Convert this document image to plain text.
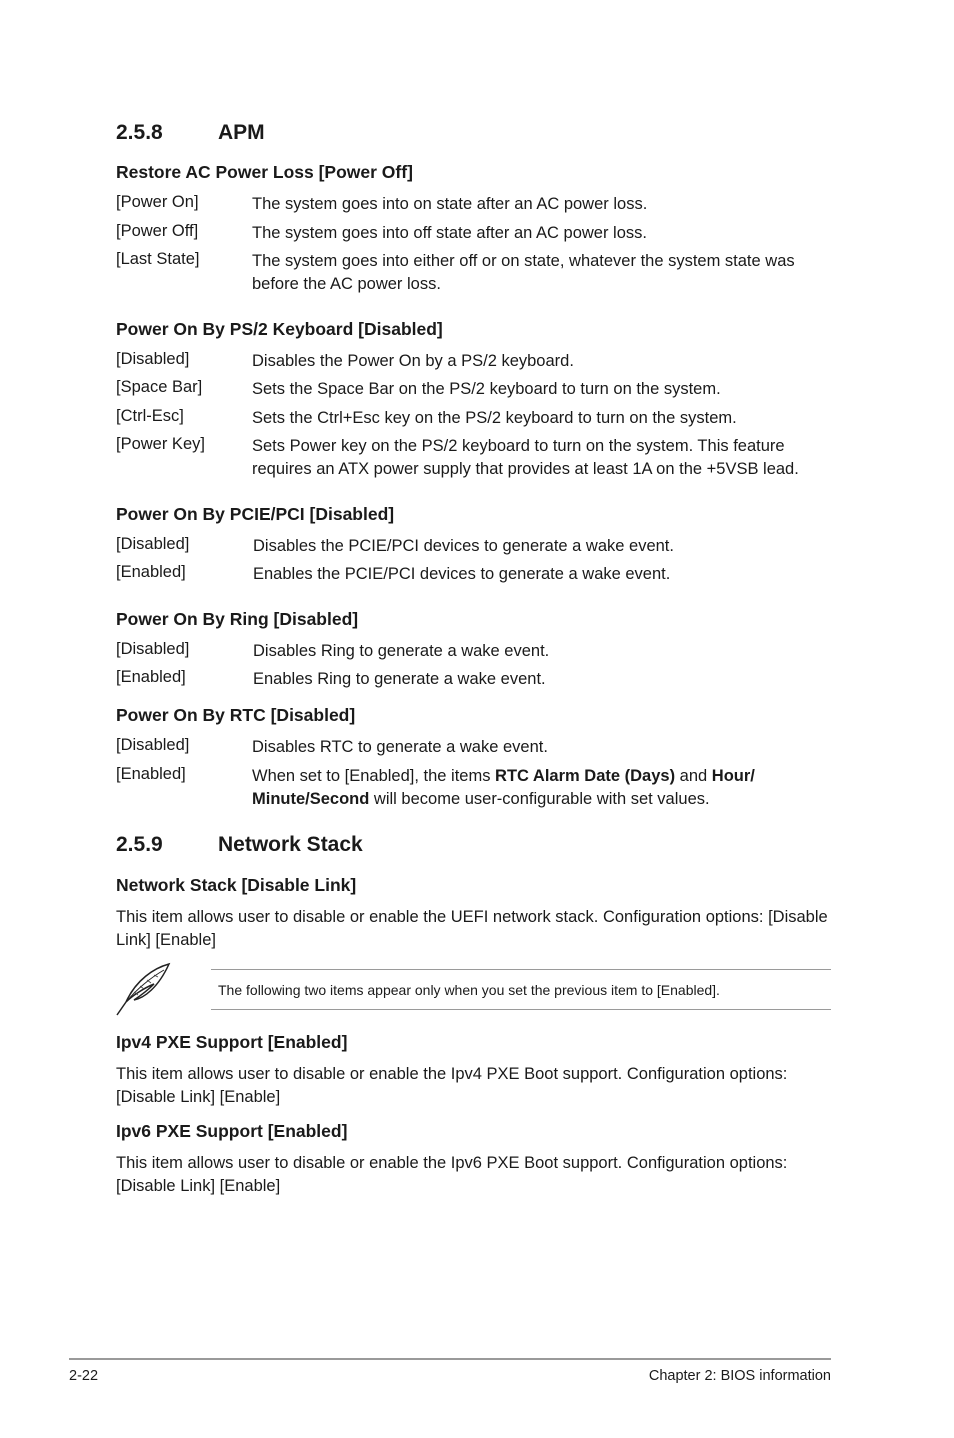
2.5.8	APM
Restore AC Power Loss [Power Off]
[Power On]	The system goes into on state after an AC power loss.
[Power Off]	The system goes into off state after an AC power loss.
[Last State]	The system goes into either off or on state, whatever the system state was before the AC power loss.
Power On By PS/2 Keyboard [Disabled]
[Disabled]	Disables the Power On by a PS/2 keyboard.
[Space Bar]	Sets the Space Bar on the PS/2 keyboard to turn on the system.
[Ctrl-Esc]	Sets the Ctrl+Esc key on the PS/2 keyboard to turn on the system.
[Power Key]	Sets Power key on the PS/2 keyboard to turn on the system. This feature requires an ATX power supply that provides at least 1A on the +5VSB lead.
Power On By PCIE/PCI [Disabled]
[Disabled]	Disables the PCIE/PCI devices to generate a wake event.
[Enabled]	Enables the PCIE/PCI devices to generate a wake event.
Power On By Ring [Disabled]
[Disabled]	Disables Ring to generate a wake event.
[Enabled]	Enables Ring to generate a wake event.
Power On By RTC [Disabled]
[Disabled]	Disables RTC to generate a wake event.
[Enabled]	When set to [Enabled], the items RTC Alarm Date (Days) and Hour/ Minute/Second will become user-configurable with set values.
2.5.9	Network Stack
Network Stack [Disable Link]
This item allows user to disable or enable the UEFI network stack. Configuration options: [Disable Link] [Enable]
The following two items appear only when you set the previous item to [Enabled].
Ipv4 PXE Support [Enabled]
This item allows user to disable or enable the Ipv4 PXE Boot support. Configuration options: [Disable Link] [Enable]
Ipv6 PXE Support [Enabled]
This item allows user to disable or enable the Ipv6 PXE Boot support. Configuration options: [Disable Link] [Enable]
2-22	Chapter 2: BIOS information
